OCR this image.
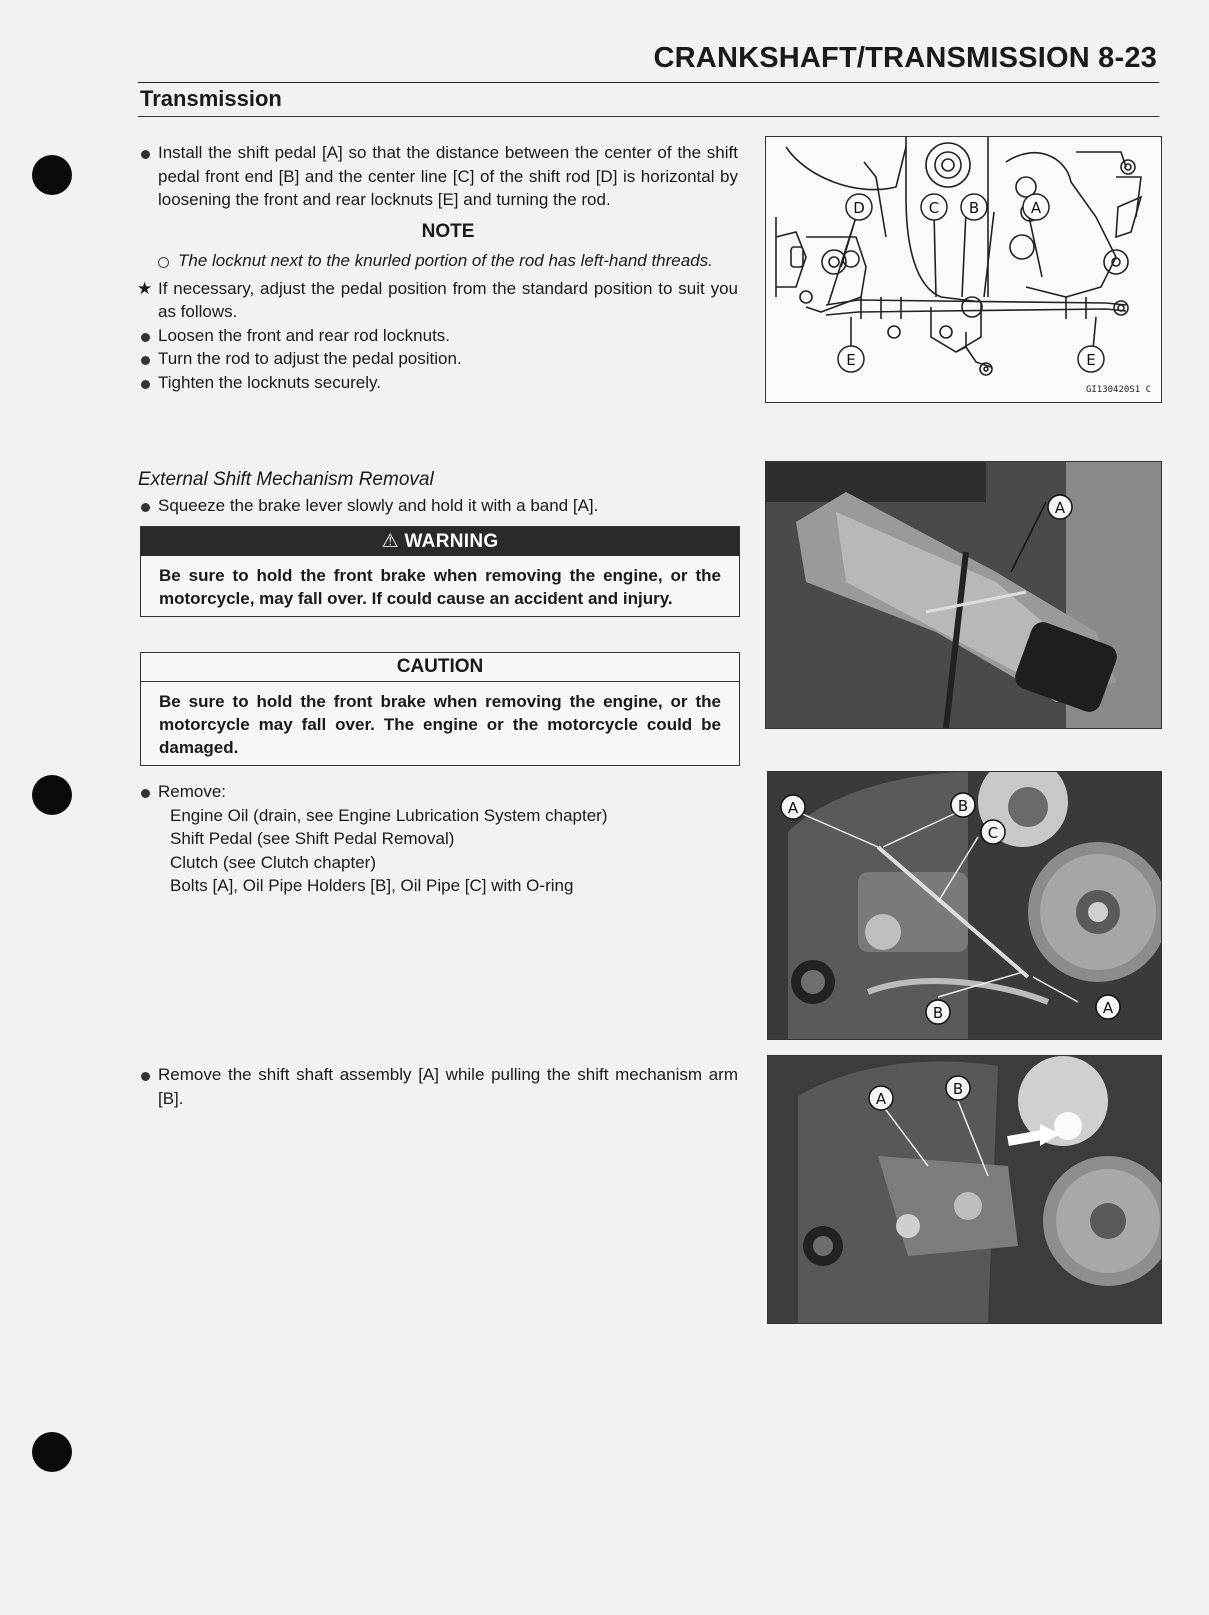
CRANKSHAFT/TRANSMISSION 8-23
Transmission
Install the shift pedal [A] so that the distance between the center of the shift pedal front end [B] and the center line [C] of the shift rod [D] is horizontal by loosening the front and rear locknuts [E] and turning the rod.
NOTE
The locknut next to the knurled portion of the rod has left-hand threads.
★ If necessary, adjust the pedal position from the standard position to suit you as follows.
Loosen the front and rear rod locknuts.
Turn the rod to adjust the pedal position.
Tighten the locknuts securely.
External Shift Mechanism Removal
Squeeze the brake lever slowly and hold it with a band [A].
⚠ WARNING
Be sure to hold the front brake when removing the engine, or the motorcycle, may fall over. If could cause an accident and injury.
CAUTION
Be sure to hold the front brake when removing the engine, or the motorcycle may fall over. The engine or the motorcycle could be damaged.
Remove:
Engine Oil (drain, see Engine Lubrication System chapter)
Shift Pedal (see Shift Pedal Removal)
Clutch (see Clutch chapter)
Bolts [A], Oil Pipe Holders [B], Oil Pipe [C] with O-ring
Remove the shift shaft assembly [A] while pulling the shift mechanism arm [B].
D	C B	A
E	E
GI130420S1 C
A
A	B
C
B	A
A
B
